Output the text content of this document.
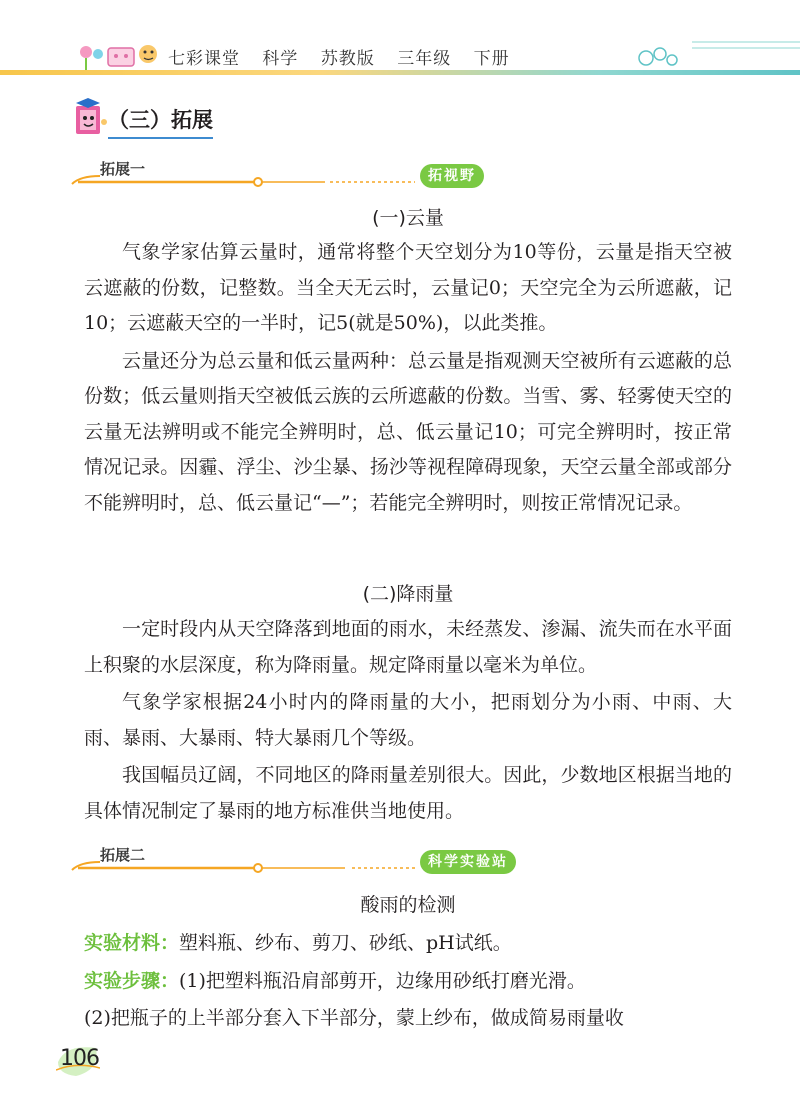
七彩课堂 科学 苏教版 三年级 下册
（三）拓展
拓展一	拓视野

(一)云量

气象学家估算云量时，通常将整个天空划分为10等份，云量是指天空被云遮蔽的份数，记整数。当全天无云时，云量记0；天空完全为云所遮蔽，记10；云遮蔽天空的一半时，记5(就是50%)，以此类推。

云量还分为总云量和低云量两种：总云量是指观测天空被所有云遮蔽的总份数；低云量则指天空被低云族的云所遮蔽的份数。当雪、雾、轻雾使天空的云量无法辨明或不能完全辨明时，总、低云量记10；可完全辨明时，按正常情况记录。因霾、浮尘、沙尘暴、扬沙等视程障碍现象，天空云量全部或部分不能辨明时，总、低云量记“—”；若能完全辨明时，则按正常情况记录。

(二)降雨量

一定时段内从天空降落到地面的雨水，未经蒸发、渗漏、流失而在水平面上积聚的水层深度，称为降雨量。规定降雨量以毫米为单位。

气象学家根据24小时内的降雨量的大小，把雨划分为小雨、中雨、大雨、暴雨、大暴雨、特大暴雨几个等级。

我国幅员辽阔，不同地区的降雨量差别很大。因此，少数地区根据当地的具体情况制定了暴雨的地方标准供当地使用。

拓展二	科学实验站

酸雨的检测

实验材料：塑料瓶、纱布、剪刀、砂纸、pH试纸。

实验步骤：(1)把塑料瓶沿肩部剪开，边缘用砂纸打磨光滑。

(2)把瓶子的上半部分套入下半部分，蒙上纱布，做成简易雨量收

106
